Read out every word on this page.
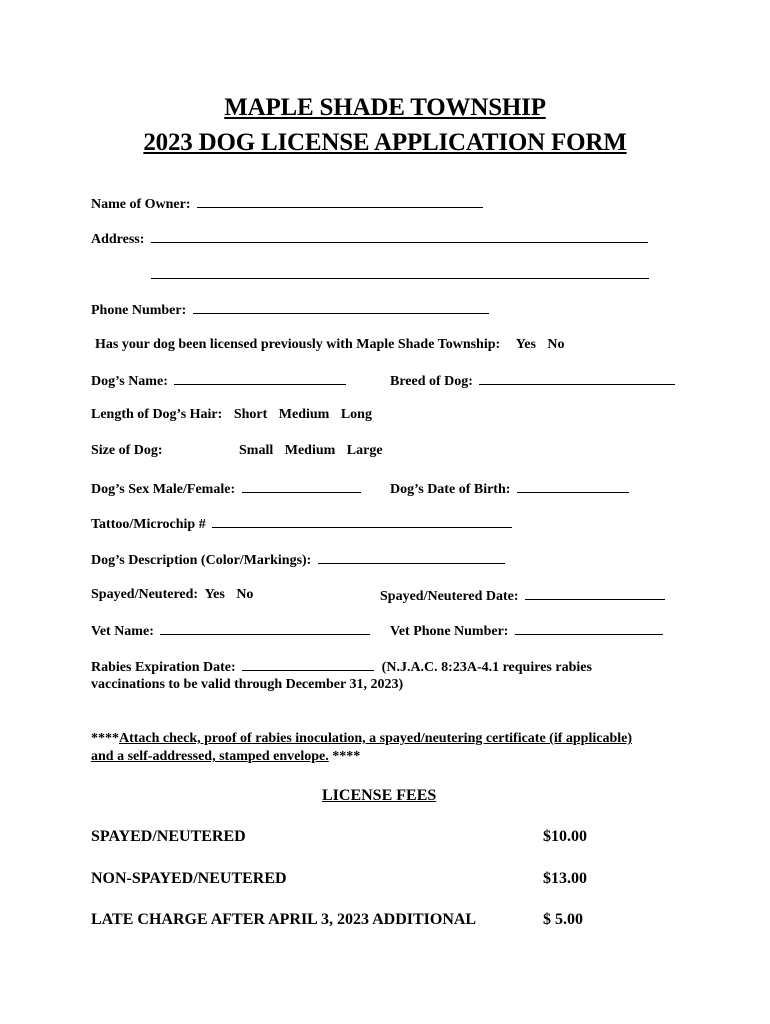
MAPLE SHADE TOWNSHIP
2023 DOG LICENSE APPLICATION FORM
Name of Owner:
Address:
Phone Number:
Has your dog been licensed previously with Maple Shade Township: Yes No
Dog’s Name:	Breed of Dog:
Length of Dog’s Hair: Short Medium Long
Size of Dog:	Small Medium Large
Dog’s Sex Male/Female:	Dog’s Date of Birth:
Tattoo/Microchip #
Dog’s Description (Color/Markings):
Spayed/Neutered: Yes No	Spayed/Neutered Date:
Vet Name:	Vet Phone Number:
Rabies Expiration Date:	(N.J.A.C. 8:23A-4.1 requires rabies
vaccinations to be valid through December 31, 2023)
****Attach check, proof of rabies inoculation, a spayed/neutering certificate (if applicable)
and a self-addressed, stamped envelope. ****
LICENSE FEES
SPAYED/NEUTERED	$10.00
NON-SPAYED/NEUTERED	$13.00
LATE CHARGE AFTER APRIL 3, 2023 ADDITIONAL	$ 5.00
